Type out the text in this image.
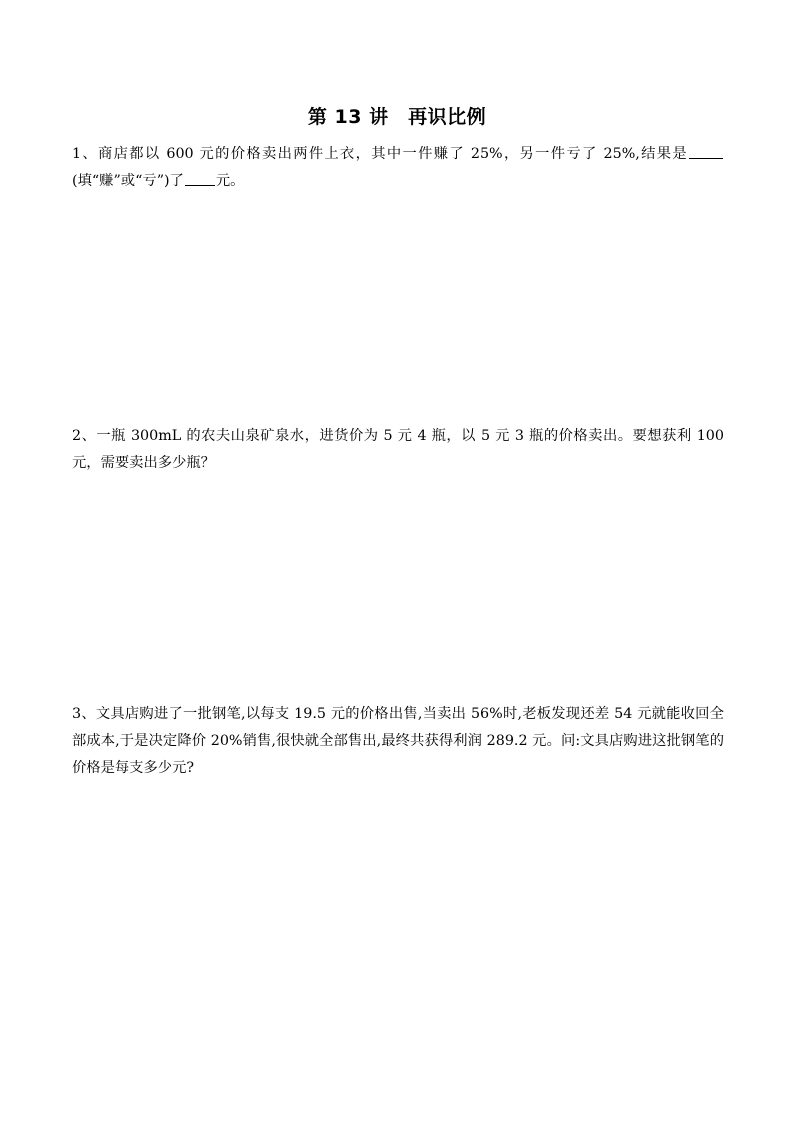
第 13 讲　再识比例
1、商店都以 600 元的价格卖出两件上衣，其中一件赚了 25%，另一件亏了 25%,结果是(填“赚”或“亏”)了 元。
2、一瓶 300mL 的农夫山泉矿泉水，进货价为 5 元 4 瓶，以 5 元 3 瓶的价格卖出。要想获利 100 元，需要卖出多少瓶？
3、文具店购进了一批钢笔,以每支 19.5 元的价格出售,当卖出 56%时,老板发现还差 54 元就能收回全部成本,于是决定降价 20%销售,很快就全部售出,最终共获得利润 289.2 元。问:文具店购进这批钢笔的价格是每支多少元?
